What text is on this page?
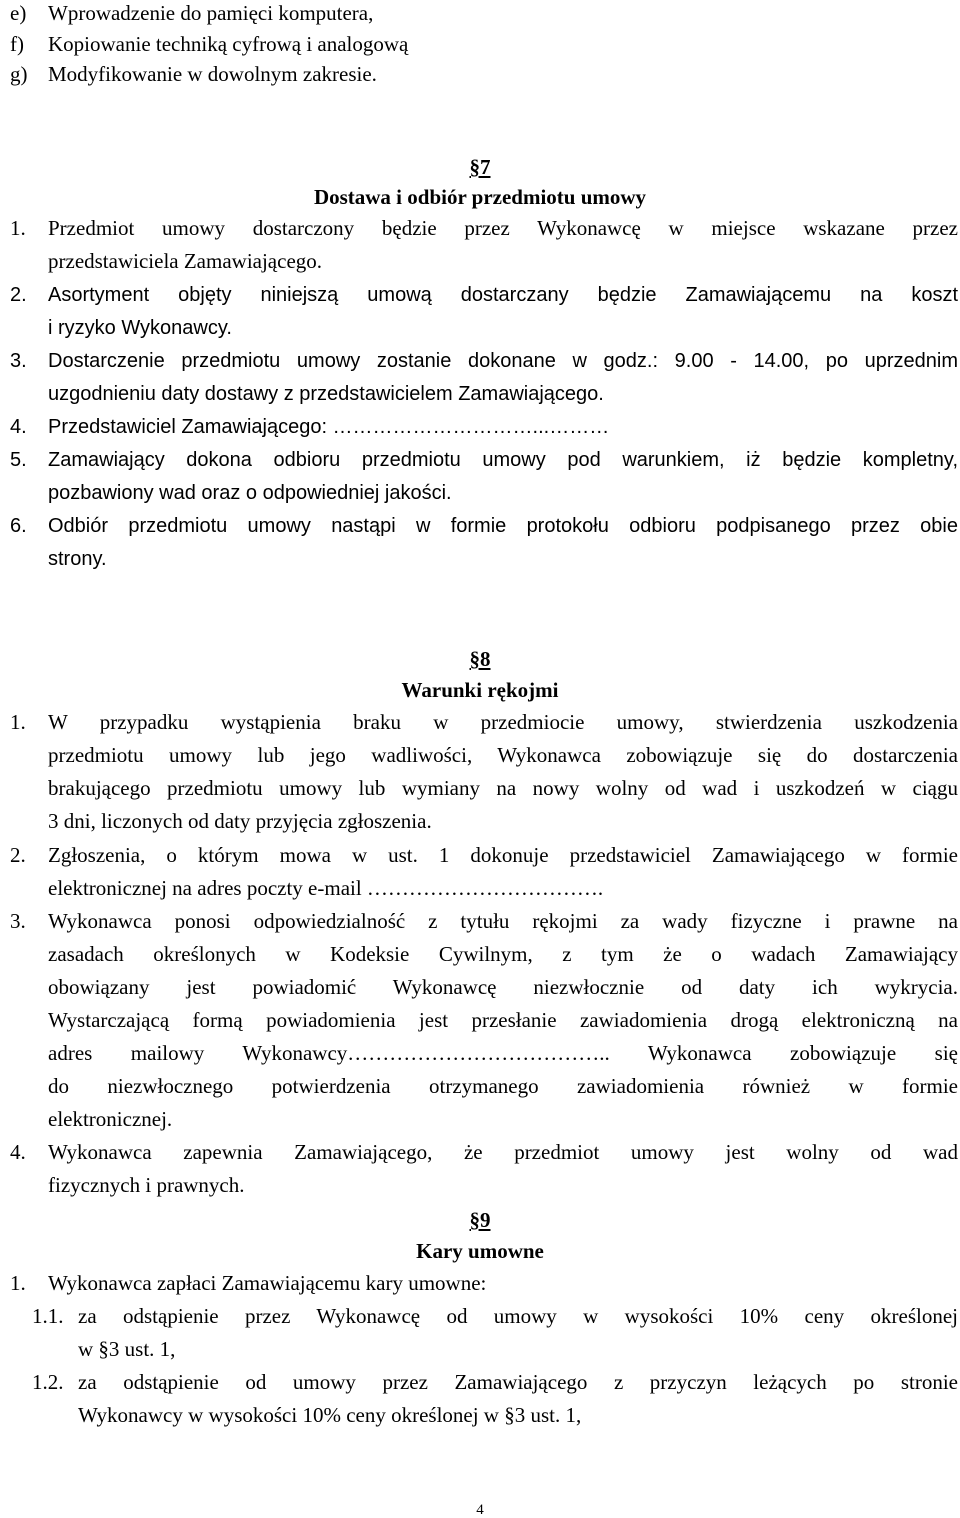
e) Wprowadzenie do pamięci komputera,
f) Kopiowanie techniką cyfrową i analogową
g) Modyfikowanie w dowolnym zakresie.
§7
Dostawa i odbiór przedmiotu umowy
1. Przedmiot umowy dostarczony będzie przez Wykonawcę w miejsce wskazane przez
przedstawiciela Zamawiającego.
2. Asortyment objęty niniejszą umową dostarczany będzie Zamawiającemu na koszt
i ryzyko Wykonawcy.
3. Dostarczenie przedmiotu umowy zostanie dokonane w godz.: 9.00 - 14.00, po uprzednim
uzgodnieniu daty dostawy z przedstawicielem Zamawiającego.
4. Przedstawiciel Zamawiającego: …………………………...………
5. Zamawiający dokona odbioru przedmiotu umowy pod warunkiem, iż będzie kompletny,
pozbawiony wad oraz o odpowiedniej jakości.
6. Odbiór przedmiotu umowy nastąpi w formie protokołu odbioru podpisanego przez obie
strony.
§8
Warunki rękojmi
1. W przypadku wystąpienia braku w przedmiocie umowy, stwierdzenia uszkodzenia
przedmiotu umowy lub jego wadliwości, Wykonawca zobowiązuje się do dostarczenia
brakującego przedmiotu umowy lub wymiany na nowy wolny od wad i uszkodzeń w ciągu
3 dni, liczonych od daty przyjęcia zgłoszenia.
2. Zgłoszenia, o którym mowa w ust. 1 dokonuje przedstawiciel Zamawiającego w formie
elektronicznej na adres poczty e-mail …………………………….
3. Wykonawca ponosi odpowiedzialność z tytułu rękojmi za wady fizyczne i prawne na
zasadach określonych w Kodeksie Cywilnym, z tym że o wadach Zamawiający
obowiązany jest powiadomić Wykonawcę niezwłocznie od daty ich wykrycia.
Wystarczającą formą powiadomienia jest przesłanie zawiadomienia drogą elektroniczną na
adres mailowy Wykonawcy……………………………….. Wykonawca zobowiązuje się
do niezwłocznego potwierdzenia otrzymanego zawiadomienia również w formie
elektronicznej.
4. Wykonawca zapewnia Zamawiającego, że przedmiot umowy jest wolny od wad
fizycznych i prawnych.
§9
Kary umowne
1. Wykonawca zapłaci Zamawiającemu kary umowne:
1.1. za odstąpienie przez Wykonawcę od umowy w wysokości 10% ceny określonej
w §3 ust. 1,
1.2. za odstąpienie od umowy przez Zamawiającego z przyczyn leżących po stronie
Wykonawcy w wysokości 10% ceny określonej w §3 ust. 1,
4
